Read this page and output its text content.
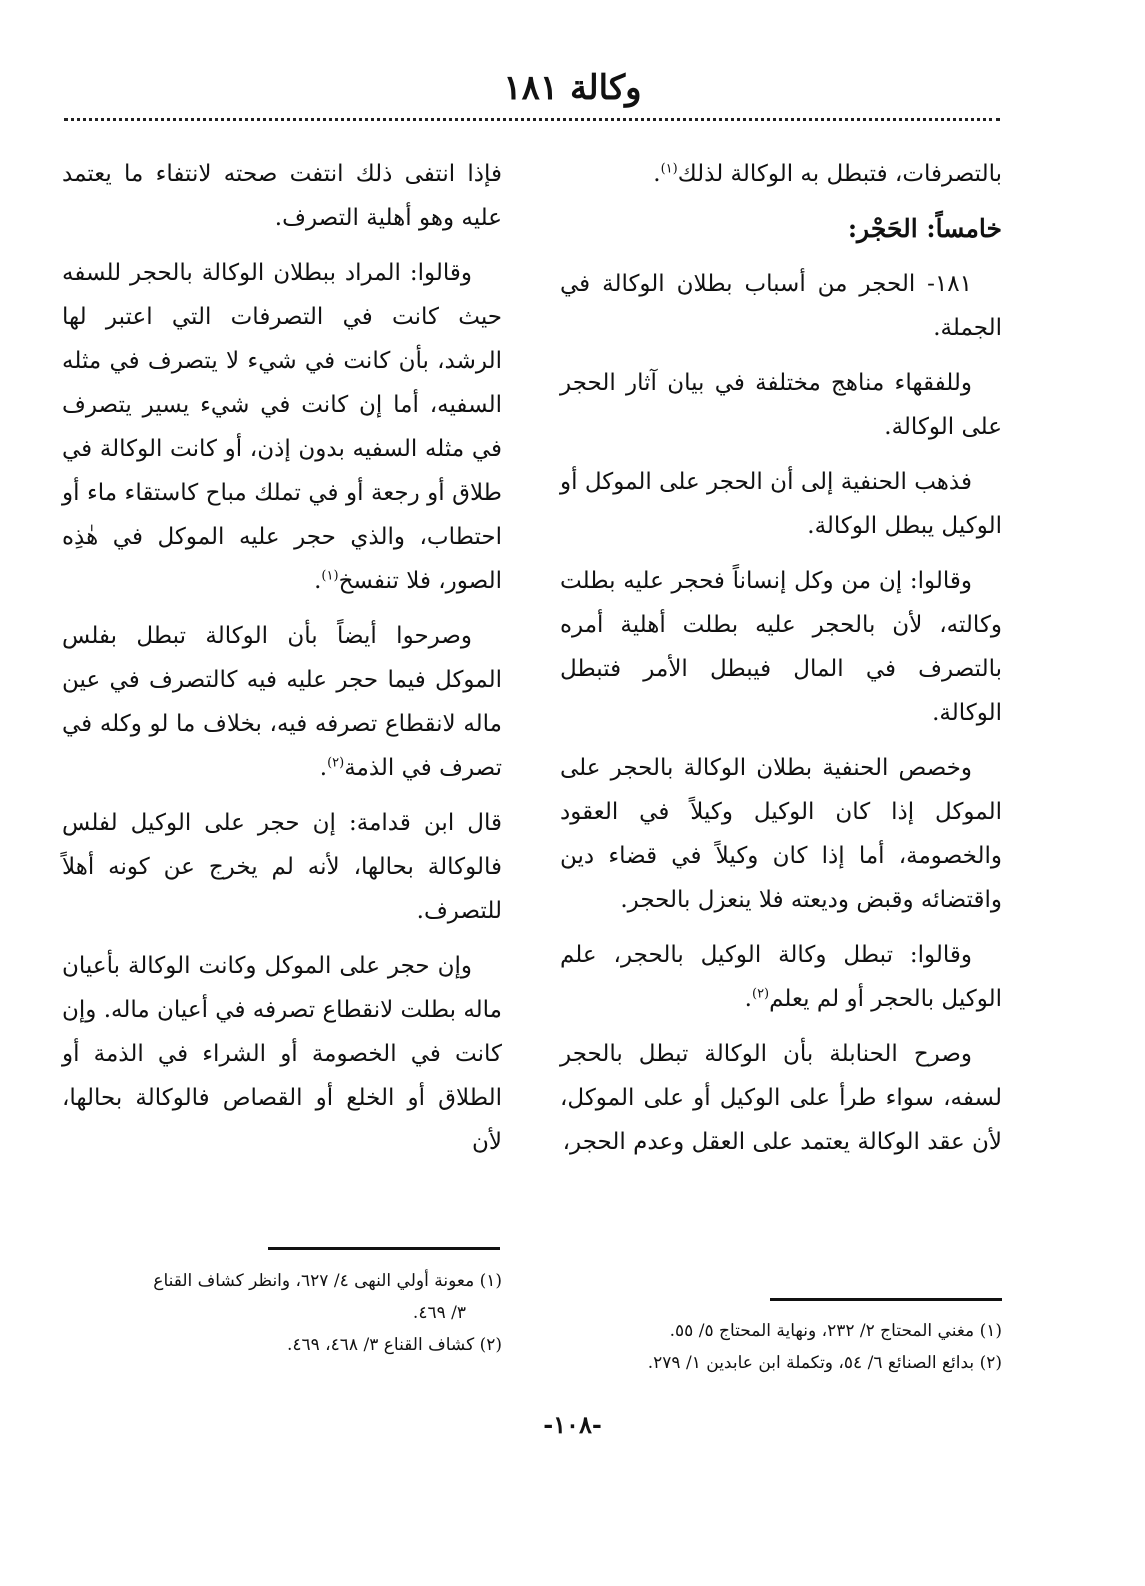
وكالة ١٨١

بالتصرفات، فتبطل به الوكالة لذلك$^{(١)}$.

خامساً: الحَجْر:

١٨١- الحجر من أسباب بطلان الوكالة في الجملة.

وللفقهاء مناهج مختلفة في بيان آثار الحجر على الوكالة.

فذهب الحنفية إلى أن الحجر على الموكل أو الوكيل يبطل الوكالة.

وقالوا: إن من وكل إنساناً فحجر عليه بطلت وكالته، لأن بالحجر عليه بطلت أهلية أمره بالتصرف في المال فيبطل الأمر فتبطل الوكالة.

وخصص الحنفية بطلان الوكالة بالحجر على الموكل إذا كان الوكيل وكيلاً في العقود والخصومة، أما إذا كان وكيلاً في قضاء دين واقتضائه وقبض وديعته فلا ينعزل بالحجر.

وقالوا: تبطل وكالة الوكيل بالحجر، علم الوكيل بالحجر أو لم يعلم$^{(٢)}$.

وصرح الحنابلة بأن الوكالة تبطل بالحجر لسفه، سواء طرأ على الوكيل أو على الموكل، لأن عقد الوكالة يعتمد على العقل وعدم الحجر،

فإذا انتفى ذلك انتفت صحته لانتفاء ما يعتمد عليه وهو أهلية التصرف.

وقالوا: المراد ببطلان الوكالة بالحجر للسفه حيث كانت في التصرفات التي اعتبر لها الرشد، بأن كانت في شيء لا يتصرف في مثله السفيه، أما إن كانت في شيء يسير يتصرف في مثله السفيه بدون إذن، أو كانت الوكالة في طلاق أو رجعة أو في تملك مباح كاستقاء ماء أو احتطاب، والذي حجر عليه الموكل في هٰذِه الصور، فلا تنفسخ$^{(١)}$.

وصرحوا أيضاً بأن الوكالة تبطل بفلس الموكل فيما حجر عليه فيه كالتصرف في عين ماله لانقطاع تصرفه فيه، بخلاف ما لو وكله في تصرف في الذمة$^{(٢)}$.

قال ابن قدامة: إن حجر على الوكيل لفلس فالوكالة بحالها، لأنه لم يخرج عن كونه أهلاً للتصرف.

وإن حجر على الموكل وكانت الوكالة بأعيان ماله بطلت لانقطاع تصرفه في أعيان ماله. وإن كانت في الخصومة أو الشراء في الذمة أو الطلاق أو الخلع أو القصاص فالوكالة بحالها، لأن

(١) مغني المحتاج ٢/ ٢٣٢، ونهاية المحتاج ٥/ ٥٥.
(٢) بدائع الصنائع ٦/ ٥٤، وتكملة ابن عابدين ١/ ٢٧٩.
(١) معونة أولي النهى ٤/ ٦٢٧، وانظر كشاف القناع
٣/ ٤٦٩.
(٢) كشاف القناع ٣/ ٤٦٨، ٤٦٩.
-١٠٨-
